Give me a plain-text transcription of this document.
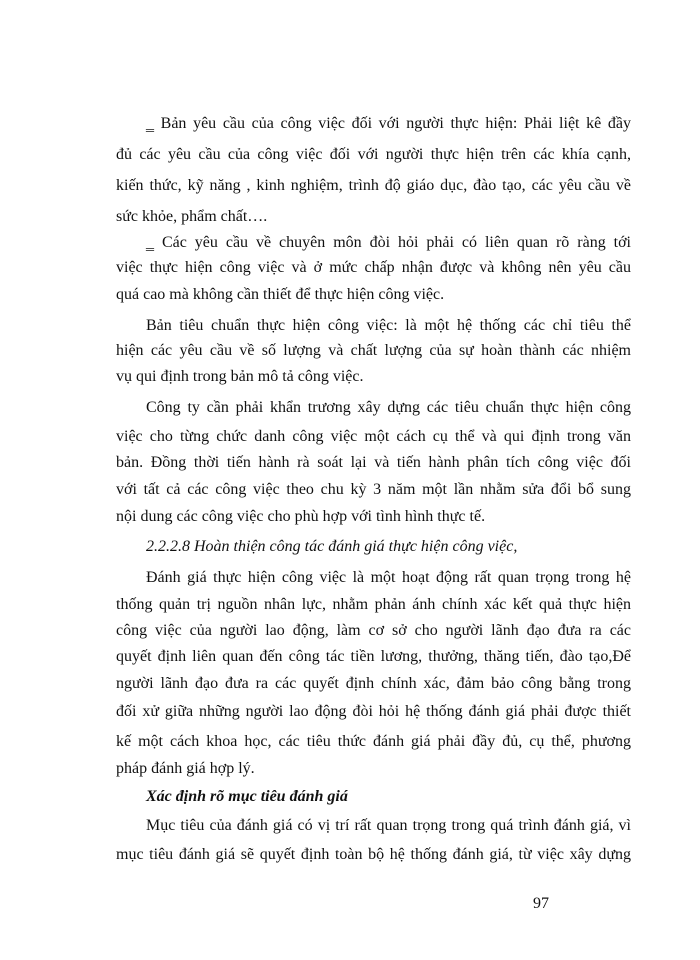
‗ Bản yêu cầu của công việc đối với người thực hiện: Phải liệt kê đầy
đủ các yêu cầu của công việc đối với người thực hiện trên các khía cạnh,
kiến thức, kỹ năng , kinh nghiệm, trình độ giáo dục, đào tạo, các yêu cầu về
sức khỏe, phẩm chất….
‗ Các yêu cầu về chuyên môn đòi hỏi phải có liên quan rõ ràng tới
việc thực hiện công việc và ở mức chấp nhận được và không nên yêu cầu
quá cao mà không cần thiết để thực hiện công việc.
Bản tiêu chuẩn thực hiện công việc: là một hệ thống các chỉ tiêu thể
hiện các yêu cầu về số lượng và chất lượng của sự hoàn thành các nhiệm
vụ qui định trong bản mô tả công việc.
Công ty cần phải khẩn trương xây dựng các tiêu chuẩn thực hiện công
việc cho từng chức danh công việc một cách cụ thể và qui định trong văn
bản. Đồng thời tiến hành rà soát lại và tiến hành phân tích công việc đối
với tất cả các công việc theo chu kỳ 3 năm một lần nhằm sửa đổi bổ sung
nội dung các công việc cho phù hợp với tình hình thực tế.
2.2.2.8 Hoàn thiện công tác đánh giá thực hiện công việc,
Đánh giá thực hiện công việc là một hoạt động rất quan trọng trong hệ
thống quản trị nguồn nhân lực, nhằm phản ánh chính xác kết quả thực hiện
công việc của người lao động, làm cơ sở cho người lãnh đạo đưa ra các
quyết định liên quan đến công tác tiền lương, thưởng, thăng tiến, đào tạo,Để
người lãnh đạo đưa ra các quyết định chính xác, đảm bảo công bằng trong
đối xử giữa những người lao động đòi hỏi hệ thống đánh giá phải được thiết
kế một cách khoa học, các tiêu thức đánh giá phải đầy đủ, cụ thể, phương
pháp đánh giá hợp lý.
Xác định rõ mục tiêu đánh giá
Mục tiêu của đánh giá có vị trí rất quan trọng trong quá trình đánh giá, vì
mục tiêu đánh giá sẽ quyết định toàn bộ hệ thống đánh giá, từ việc xây dựng
97
